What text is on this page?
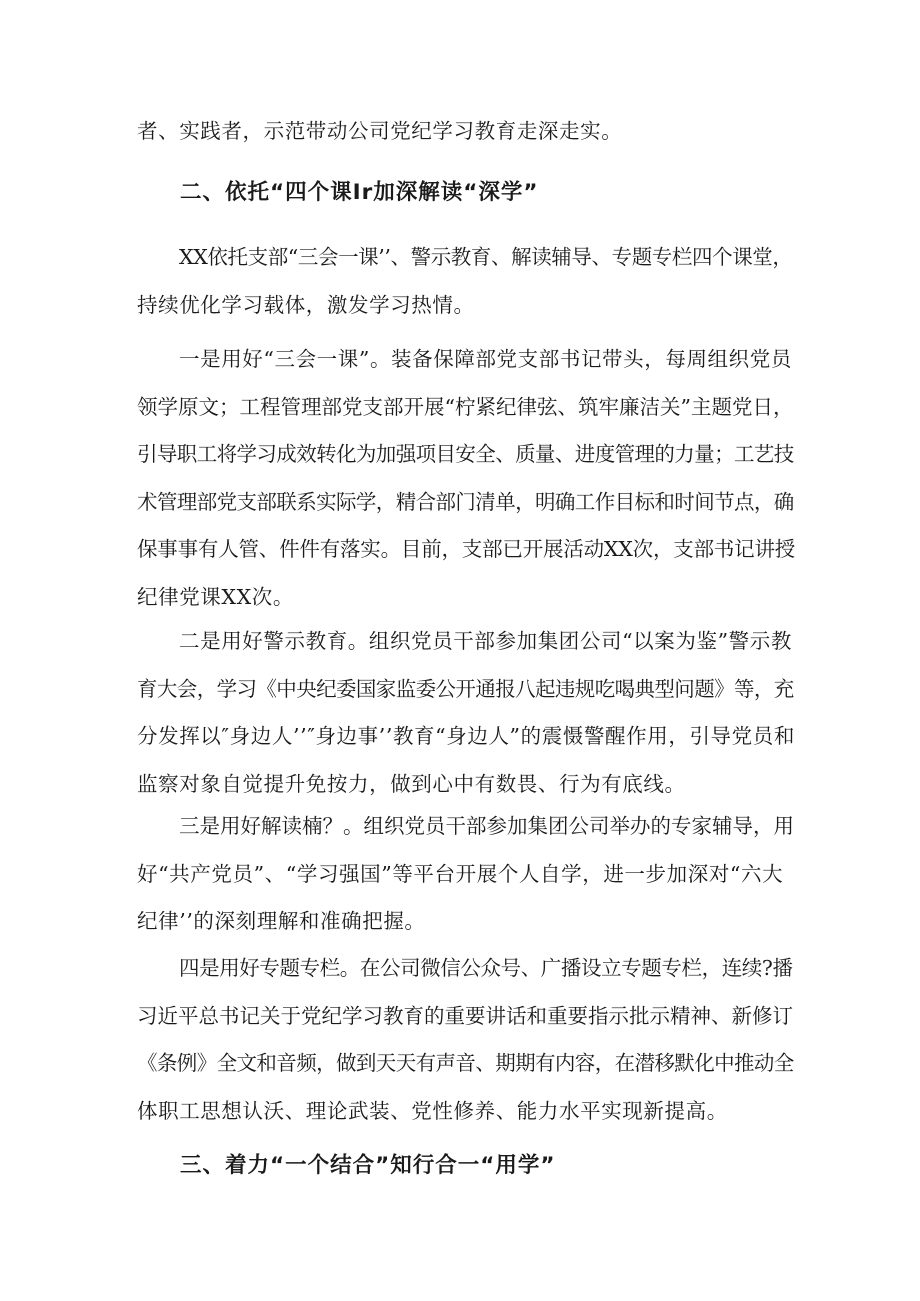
者、实践者，示范带动公司党纪学习教育走深走实。

二、依托“四个课Ir加深解读“深学”

XX依托支部“三会一课’’、警示教育、解读辅导、专题专栏四个课堂，
持续优化学习载体，激发学习热情。

一是用好“三会一课”。装备保障部党支部书记带头，每周组织党员
领学原文；工程管理部党支部开展“柠紧纪律弦、筑牢廉洁关”主题党日，
引导职工将学习成效转化为加强项目安全、质量、进度管理的力量；工艺技
术管理部党支部联系实际学，精合部门清单，明确工作目标和时间节点，确
保事事有人管、件件有落实。目前，支部已开展活动XX次，支部书记讲授
纪律党课XX次。

二是用好警示教育。组织党员干部参加集团公司“以案为鉴”警示教
育大会，学习《中央纪委国家监委公开通报八起违规吃喝典型问题》等，充
分发挥以″身边人’’″身边事’’教育“身边人”的震慑警醒作用，引导党员和
监察对象自觉提升免按力，做到心中有数畏、行为有底线。

三是用好解读楠？。组织党员干部参加集团公司举办的专家辅导，用
好“共产党员”、“学习强国”等平台开展个人自学，进一步加深对“六大
纪律’’的深刻理解和准确把握。

四是用好专题专栏。在公司微信公众号、广播设立专题专栏，连续?播
习近平总书记关于党纪学习教育的重要讲话和重要指示批示精神、新修订
《条例》全文和音频，做到天天有声音、期期有内容，在潜移默化中推动全
体职工思想认沃、理论武装、党性修养、能力水平实现新提高。

三、着力“一个结合”知行合一“用学”
